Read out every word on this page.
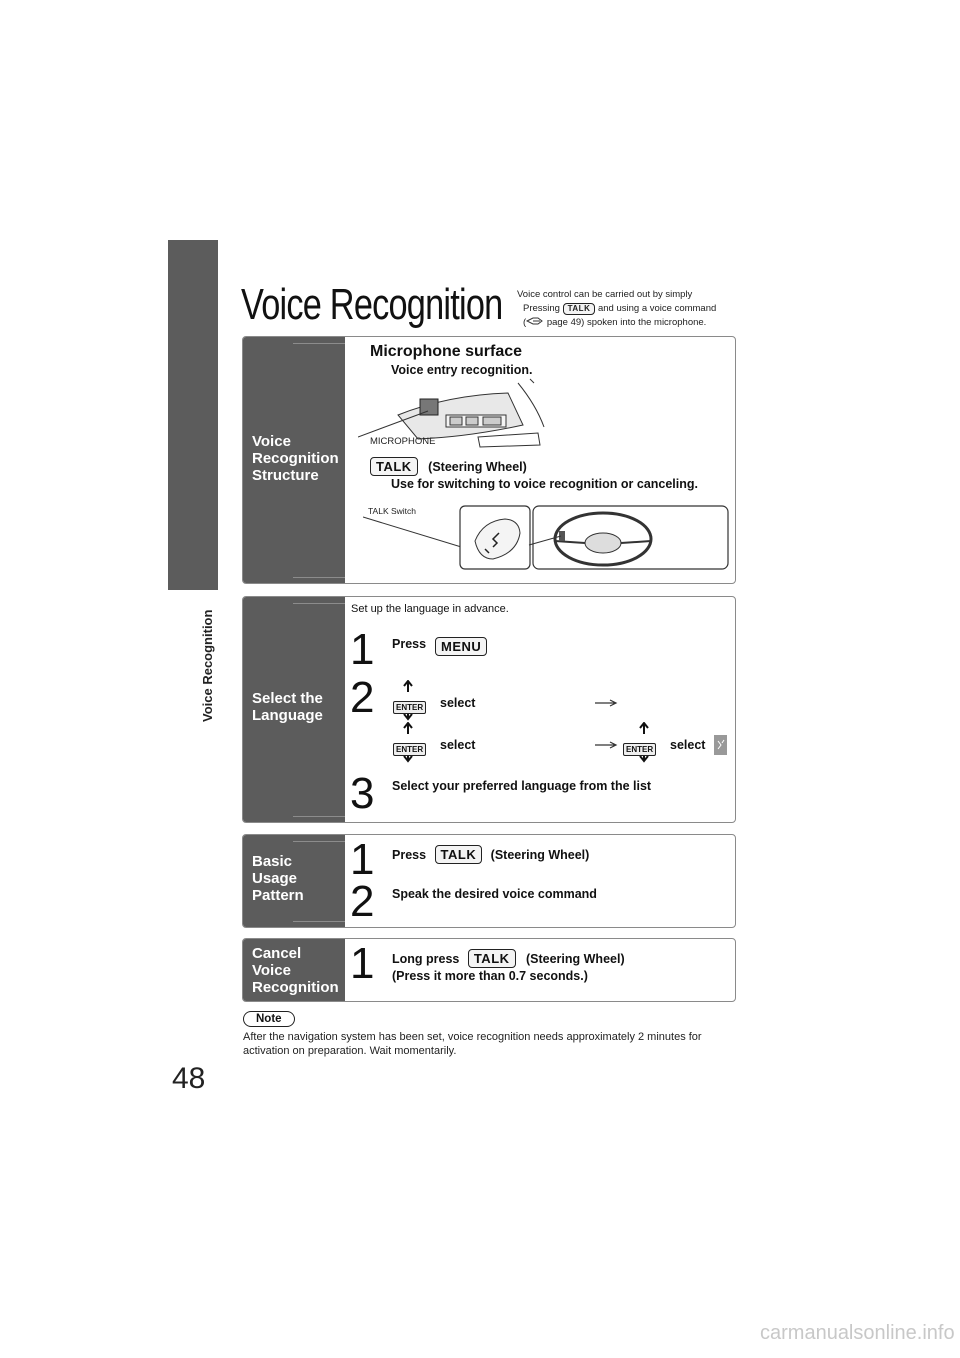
Voice Recognition
48
Voice Recognition Voice control can be carried out by simply
Pressing TALK and using a voice command
( page 49) spoken into the microphone.
Voice
Recognition
Structure
Microphone surface
Voice entry recognition.
MICROPHONE
TALK (Steering Wheel)
Use for switching to voice recognition or canceling.
TALK Switch
Select the
Language
Set up the language in advance.
1 Press	MENU
2	ENTER select
ENTER select	ENTER select
3 Select your preferred language from the list
Basic
Usage
Pattern
1 Press TALK (Steering Wheel)
2 Speak the desired voice command
Cancel
Voice
Recognition 1 Long press TALK (Steering Wheel)
(Press it more than 0.7 seconds.)
Note
After the navigation system has been set, voice recognition needs approximately 2 minutes for activation on preparation. Wait momentarily.
carmanualsonline.info
